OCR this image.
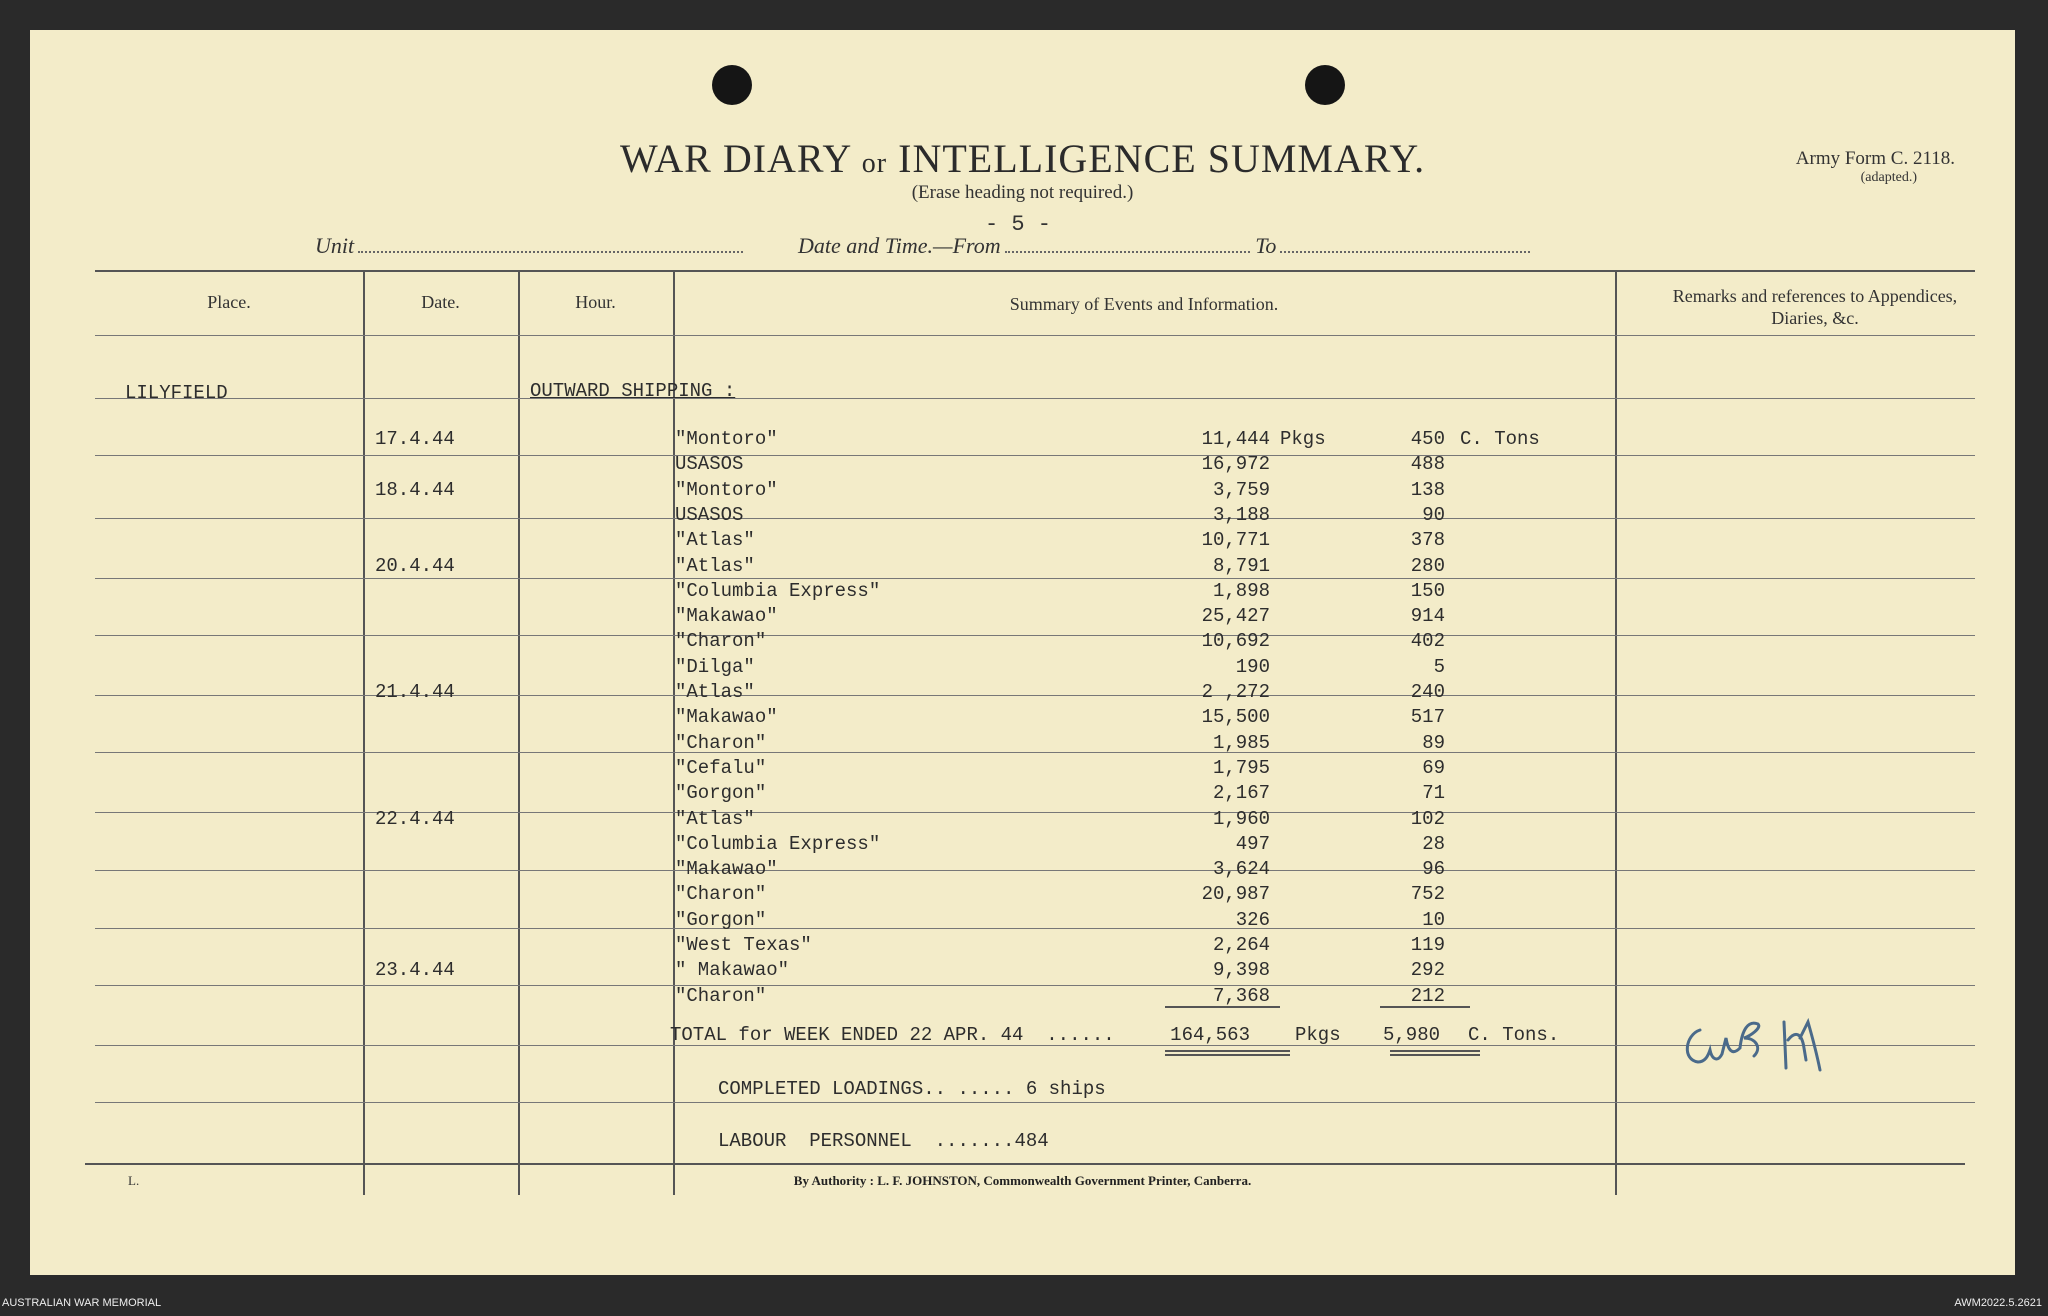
WAR DIARY or INTELLIGENCE SUMMARY.
(Erase heading not required.)
Army Form C. 2118.
(adapted.)
- 5 -
Unit	Date and Time.—From	To
Place.	Date.	Hour.	Summary of Events and Information.	Remarks and references to Appendices, Diaries, &c.
LILYFIELD	OUTWARD SHIPPING :
17.4.44	"Montoro"	11,444 Pkgs	450 C. Tons
USASOS	16,972	488
18.4.44	"Montoro"	3,759	138
USASOS	3,188	90
"Atlas"	10,771	378
20.4.44	"Atlas"	8,791	280
"Columbia Express"	1,898	150
"Makawao"	25,427	914
"Charon"	10,692	402
"Dilga"	190	5
21.4.44	"Atlas"	2 ,272	240
"Makawao"	15,500	517
"Charon"	1,985	89
"Cefalu"	1,795	69
"Gorgon"	2,167	71
22.4.44	"Atlas"	1,960	102
"Columbia Express"	497	28
"Makawao"	3,624	96
"Charon"	20,987	752
"Gorgon"	326	10
"West Texas"	2,264	119
23.4.44	" Makawao"	9,398	292
"Charon"	7,368	212
TOTAL for WEEK ENDED 22 APR. 44  ......	164,563 Pkgs	5,980 C. Tons.
COMPLETED LOADINGS.. ..... 6 ships
LABOUR  PERSONNEL  .......484
L.	By Authority : L. F. JOHNSTON, Commonwealth Government Printer, Canberra.
AUSTRALIAN WAR MEMORIAL	AWM2022.5.2621
